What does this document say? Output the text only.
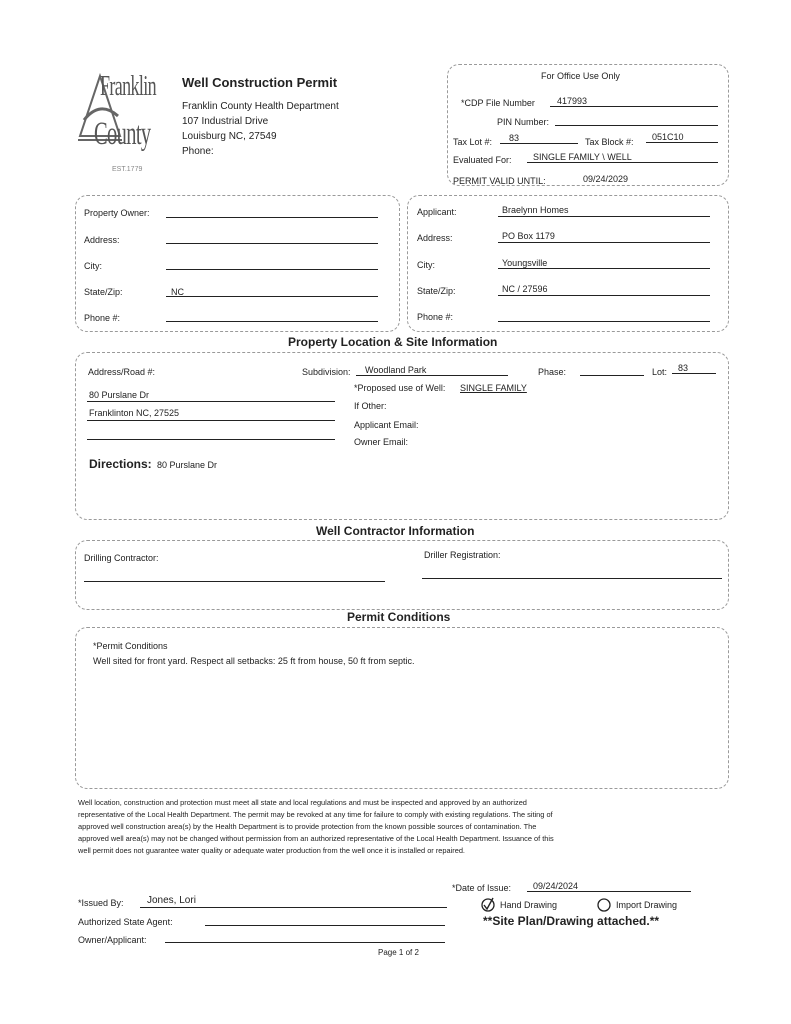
Franklin
County
EST.1779
Well Construction Permit
Franklin County Health Department
107 Industrial Drive
Louisburg NC, 27549
Phone:
For Office Use Only
*CDP File Number 417993
PIN Number:
Tax Lot #: 83	Tax Block #: 051C10
Evaluated For: SINGLE FAMILY \ WELL
PERMIT VALID UNTIL:	09/24/2029
Property Owner:
Address:
City:
State/Zip:	NC
Phone #:
Applicant:	Braelynn Homes
Address:	PO Box 1179
City:	Youngsville
State/Zip:	NC / 27596
Phone #:
Property Location & Site Information
Address/Road #:
80 Purslane Dr
Franklinton NC, 27525
Subdivision: Woodland Park	Phase:	Lot: 83
*Proposed use of Well: SINGLE FAMILY
If Other:
Applicant Email:
Owner Email:
Directions: 80 Purslane Dr
Well Contractor Information
Drilling Contractor:	Driller Registration:
Permit Conditions
*Permit Conditions
Well sited for front yard. Respect all setbacks: 25 ft from house, 50 ft from septic.
Well location, construction and protection must meet all state and local regulations and must be inspected and approved by an authorized
representative of the Local Health Department. The permit may be revoked at any time for failure to comply with existing regulations. The siting of
approved well construction area(s) by the Health Department is to provide protection from the known possible sources of contamination. The
approved well area(s) may not be changed without permission from an authorized representative of the Local Health Department. Issuance of this
well permit does not guarantee water quality or adequate water production from the well once it is installed or repaired.
*Issued By: Jones, Lori
Authorized State Agent:
Owner/Applicant:
*Date of Issue: 09/24/2024
Hand Drawing	Import Drawing
**Site Plan/Drawing attached.**
Page 1 of 2
